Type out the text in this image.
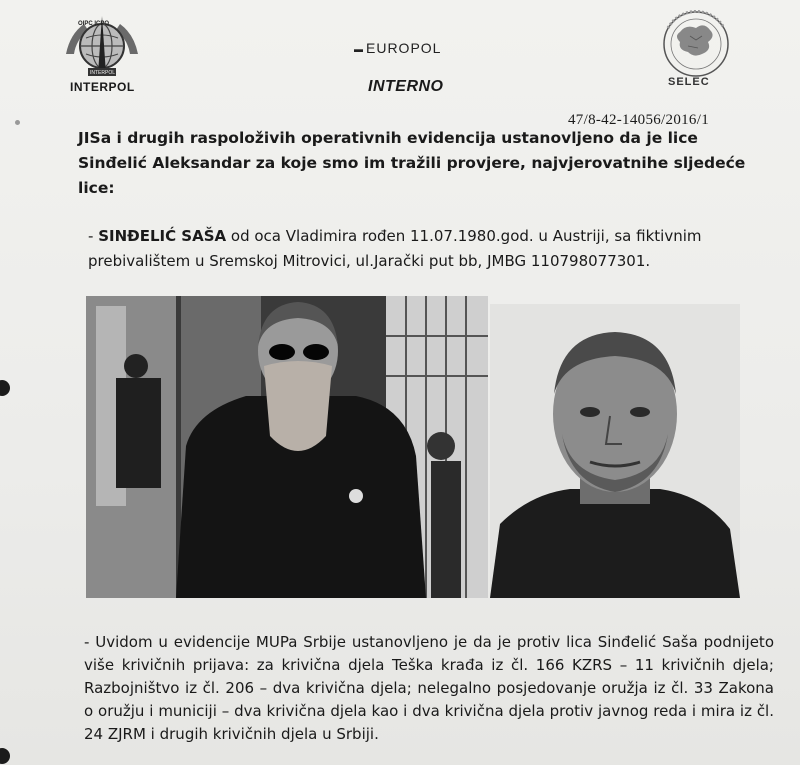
OIPC ICPO
INTERPOL
INTERPOL
▬ EUROPOL
INTERNO	SELEC
47/8-42-14056/2016/1
JISa i drugih raspoloživih operativnih evidencija ustanovljeno da je lice Sinđelić Aleksandar za koje smo im tražili provjere, najvjerovatnihe sljedeće lice:
- SINĐELIĆ SAŠA od oca Vladimira rođen 11.07.1980.god. u Austriji, sa fiktivnim prebivalištem u Sremskoj Mitrovici, ul.Jarački put bb, JMBG 110798077301.
- Uvidom u evidencije MUPa Srbije ustanovljeno je da je protiv lica Sinđelić Saša podnijeto više krivičnih prijava: za krivična djela Teška krađa iz čl. 166 KZRS – 11 krivičnih djela; Razbojništvo iz čl. 206 – dva krivična djela; nelegalno posjedovanje oružja iz čl. 33 Zakona o oružju i municiji – dva krivična djela kao i dva krivična djela protiv javnog reda i mira iz čl. 24 ZJRM i drugih krivičnih djela u Srbiji.
